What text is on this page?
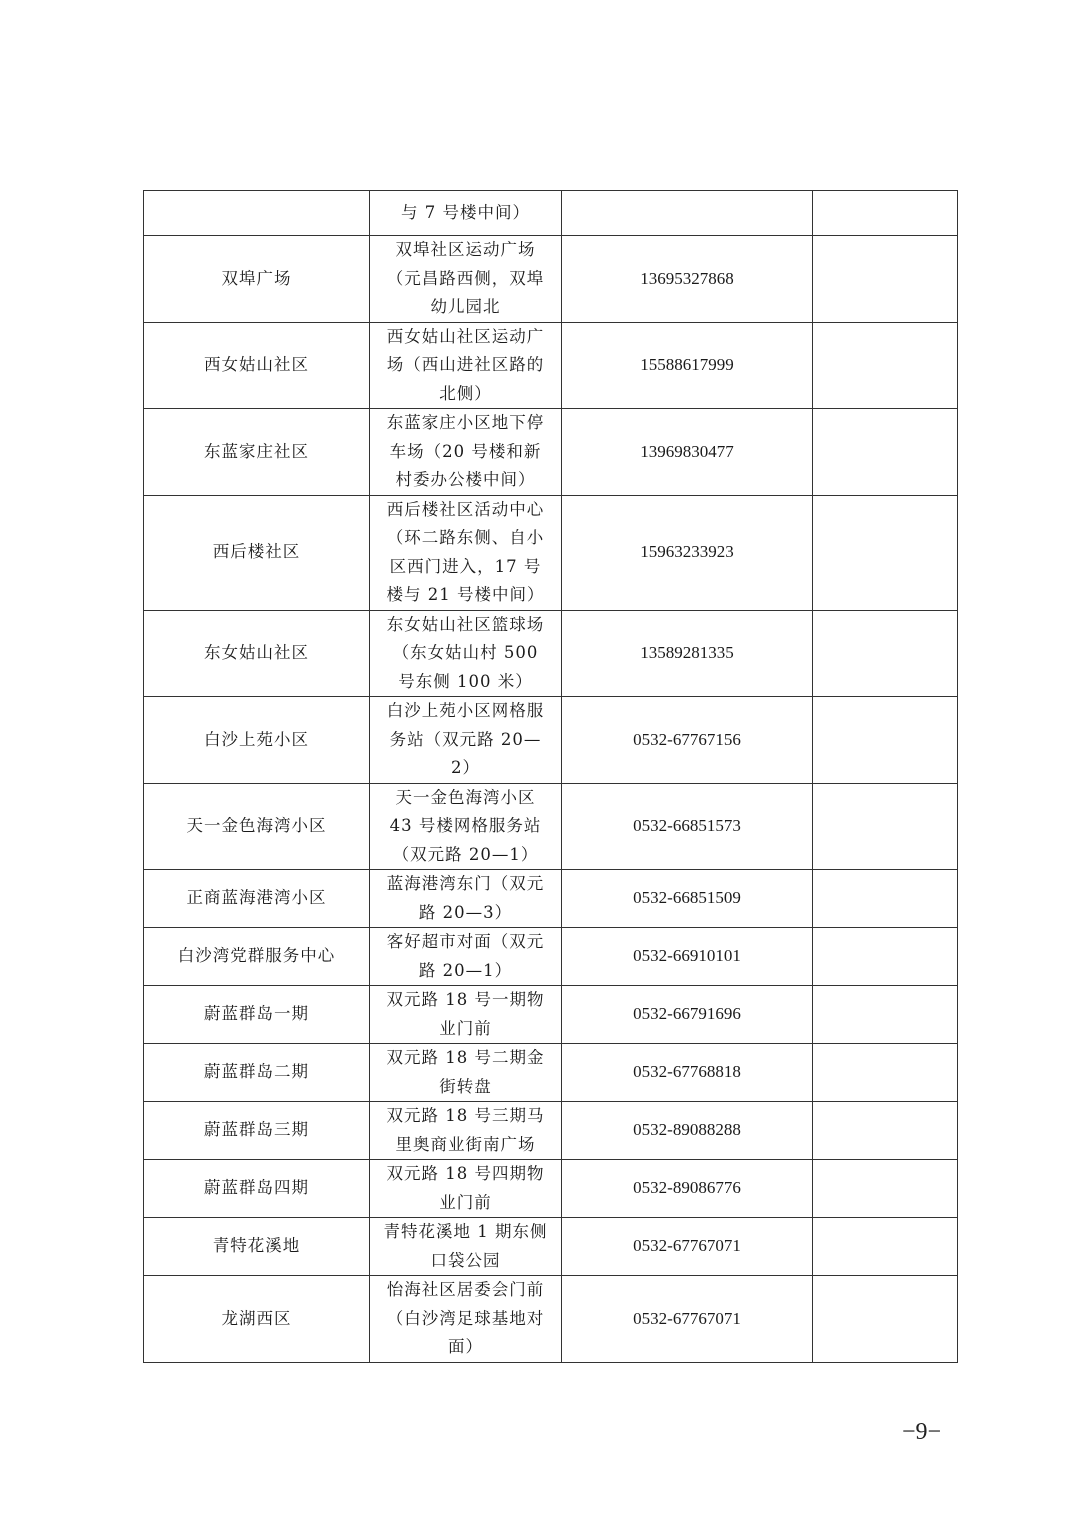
	与 7 号楼中间）		
双埠广场	双埠社区运动广场（元昌路西侧，双埠幼儿园北	13695327868	
西女姑山社区	西女姑山社区运动广场（西山进社区路的北侧）	15588617999	
东蓝家庄社区	东蓝家庄小区地下停车场（20 号楼和新村委办公楼中间）	13969830477	
西后楼社区	西后楼社区活动中心（环二路东侧、自小区西门进入，17 号楼与 21 号楼中间）	15963233923	
东女姑山社区	东女姑山社区篮球场（东女姑山村 500 号东侧 100 米）	13589281335	
白沙上苑小区	白沙上苑小区网格服务站（双元路 20—2）	0532-67767156	
天一金色海湾小区	天一金色海湾小区 43 号楼网格服务站（双元路 20—1）	0532-66851573	
正商蓝海港湾小区	蓝海港湾东门（双元路 20—3）	0532-66851509	
白沙湾党群服务中心	客好超市对面（双元路 20—1）	0532-66910101	
蔚蓝群岛一期	双元路 18 号一期物业门前	0532-66791696	
蔚蓝群岛二期	双元路 18 号二期金街转盘	0532-67768818	
蔚蓝群岛三期	双元路 18 号三期马里奥商业街南广场	0532-89088288	
蔚蓝群岛四期	双元路 18 号四期物业门前	0532-89086776	
青特花溪地	青特花溪地 1 期东侧口袋公园	0532-67767071	
龙湖西区	怡海社区居委会门前（白沙湾足球基地对面）	0532-67767071	
−9−
